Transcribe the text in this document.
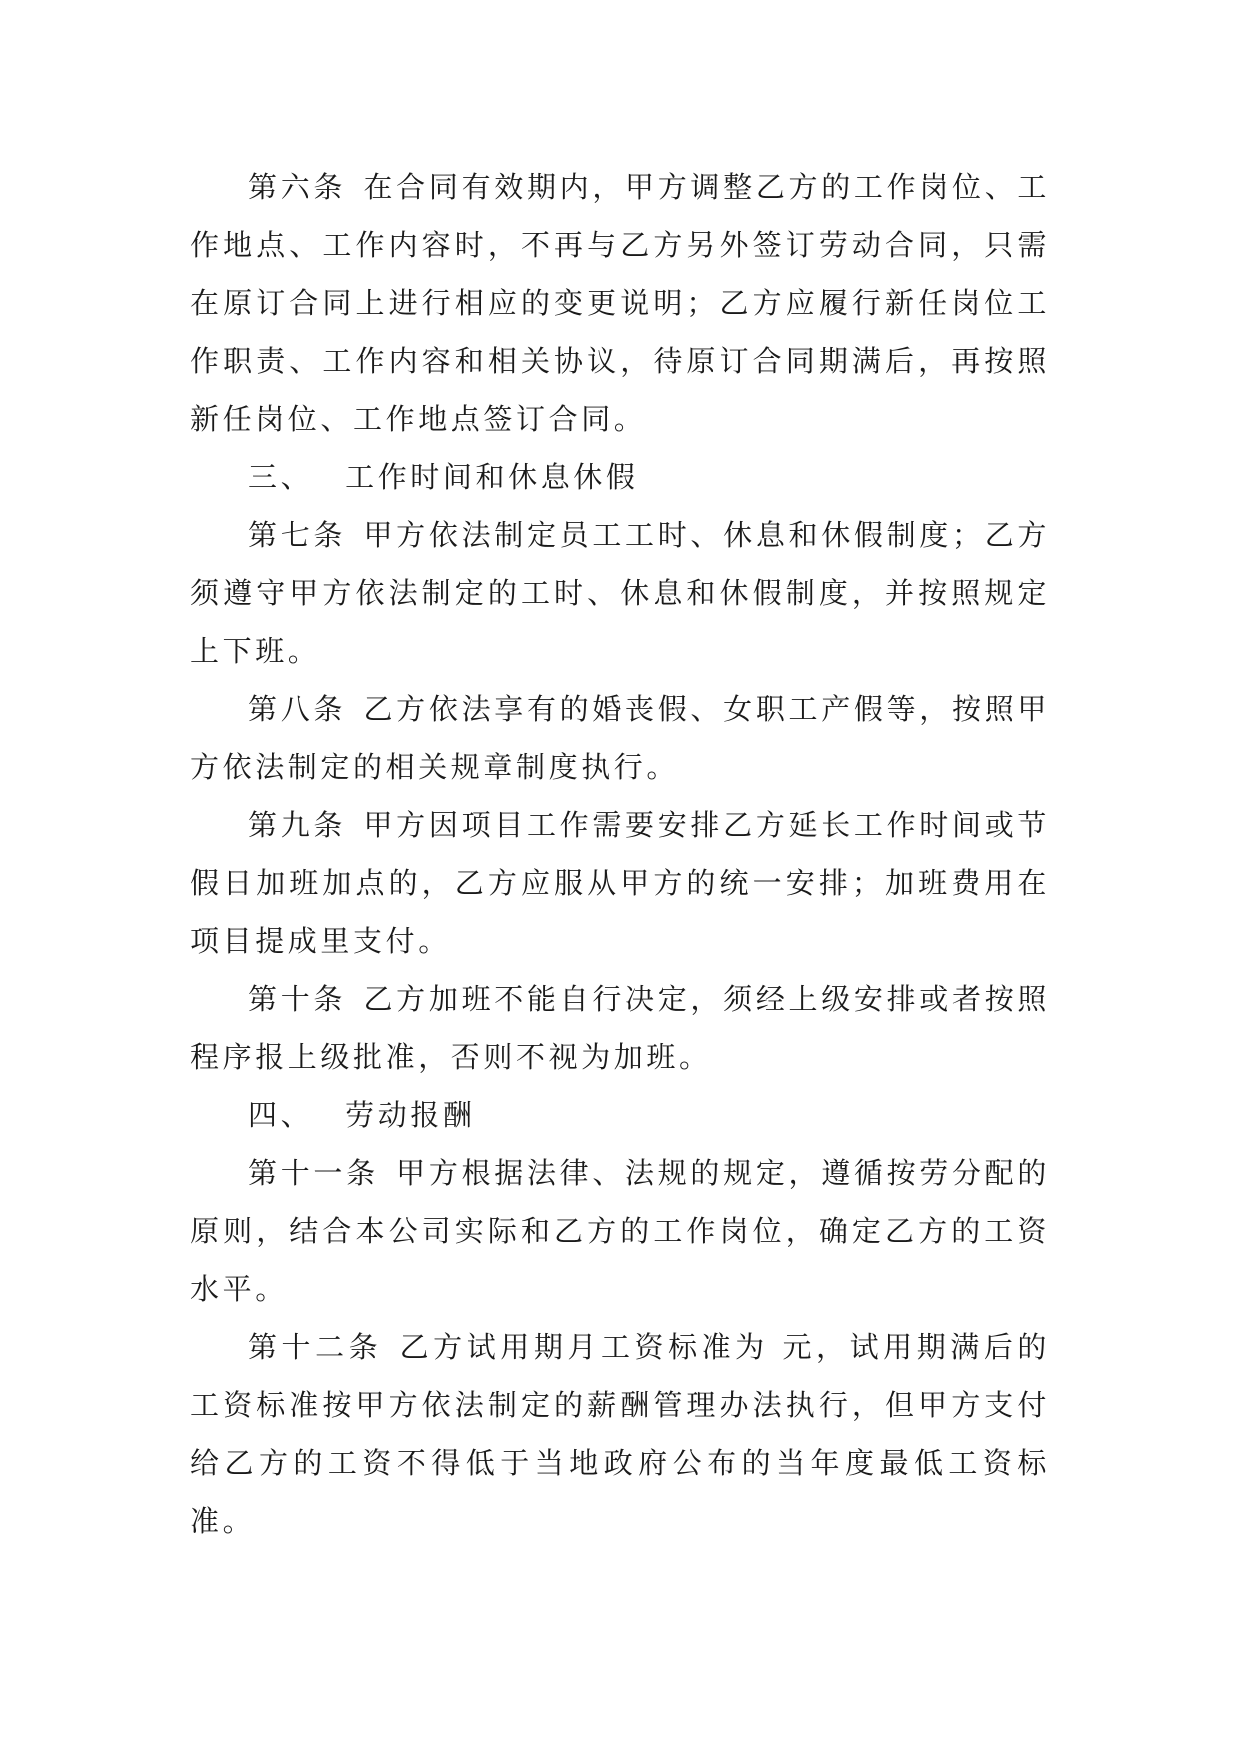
第六条 在合同有效期内，甲方调整乙方的工作岗位、工作地点、工作内容时，不再与乙方另外签订劳动合同，只需在原订合同上进行相应的变更说明；乙方应履行新任岗位工作职责、工作内容和相关协议，待原订合同期满后，再按照新任岗位、工作地点签订合同。

三、 工作时间和休息休假

第七条 甲方依法制定员工工时、休息和休假制度；乙方须遵守甲方依法制定的工时、休息和休假制度，并按照规定上下班。

第八条 乙方依法享有的婚丧假、女职工产假等，按照甲方依法制定的相关规章制度执行。

第九条 甲方因项目工作需要安排乙方延长工作时间或节假日加班加点的，乙方应服从甲方的统一安排；加班费用在项目提成里支付。

第十条 乙方加班不能自行决定，须经上级安排或者按照程序报上级批准，否则不视为加班。

四、 劳动报酬

第十一条 甲方根据法律、法规的规定，遵循按劳分配的原则，结合本公司实际和乙方的工作岗位，确定乙方的工资水平。

第十二条 乙方试用期月工资标准为 元，试用期满后的工资标准按甲方依法制定的薪酬管理办法执行，但甲方支付给乙方的工资不得低于当地政府公布的当年度最低工资标准。
